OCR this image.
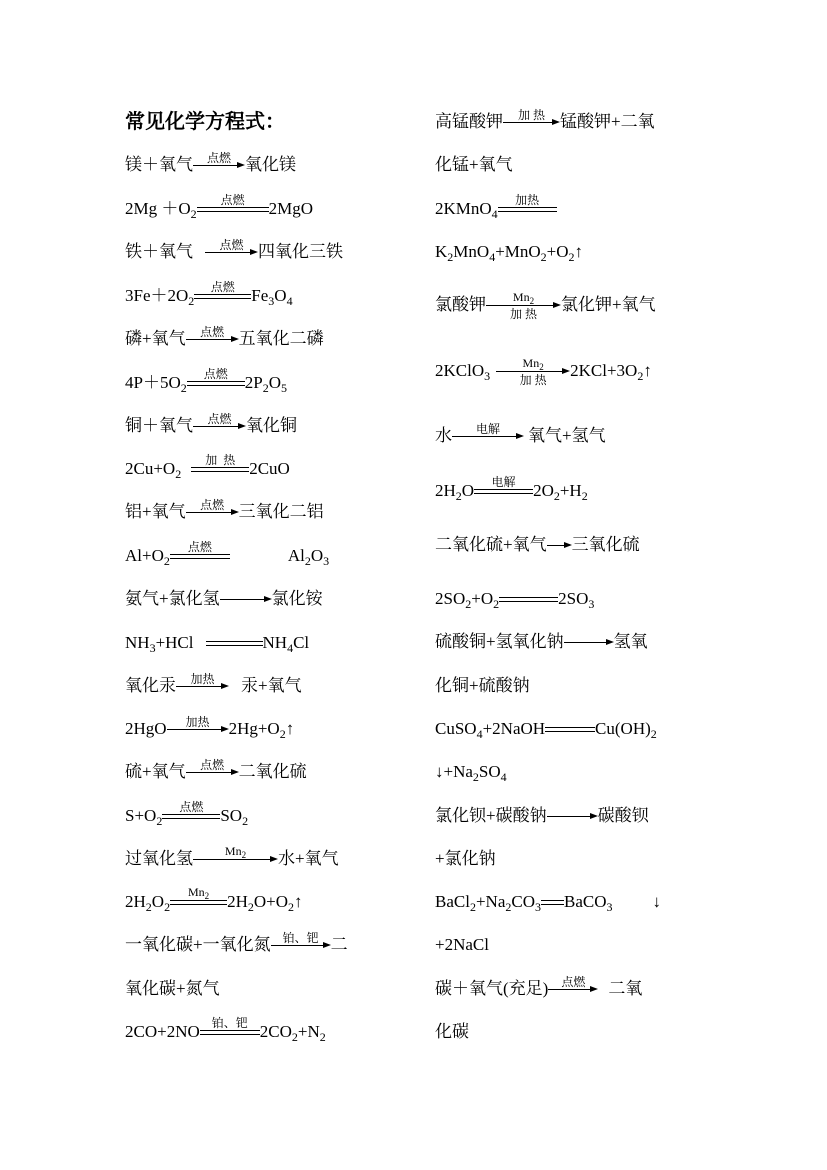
常见化学方程式：
镁＋氧气	点燃 氧化镁
2Mg ＋O 2
点燃	2MgO
铁＋氧气	点燃 四氧化三铁
3Fe＋2O 2
点燃 Fe 3 O 4
磷+氧气	点燃 五氧化二磷
4P＋5O 2
点燃	2P 2 O 5
铜＋氧气	点燃 氧化铜
2Cu+O 2
加  热 2CuO
铝+氧气	点燃 三氧化二铝
Al+O 2
点燃	Al 2 O 3
氨气+氯化氢	氯化铵
NH 3 +HCl	NH 4 Cl
氧化汞	加热	汞+氧气
2HgO	加热	2Hg+O 2 ↑
硫+氧气	点燃 二氧化硫
S+O 2
点燃	SO 2
过氧化氢	$Mn_2$	水+氧气
2H 2 O 2
$Mn_2$	2H 2 O+O 2 ↑
一氧化碳+一氧化氮 铂、钯 二
氧化碳+氮气
2CO+2NO 铂、钯 2CO 2 +N 2
高锰酸钾	加 热 锰酸钾+二氧
化锰+氧气
2KMnO 4
加热
K 2 MnO 4 +MnO 2 +O 2 ↑
氯酸钾	$Mn_2$
加 热	氯化钾+氧气
2KClO 3
$Mn_2$
加 热	2KCl+3O 2 ↑
水	电解	氧气+氢气
2H 2 O	电解	2O 2 +H 2
二氧化硫+氧气 三氧化硫
2SO 2 +O 2	2SO 3
硫酸铜+氢氧化钠	氢氧
化铜+硫酸钠
CuSO 4 +2NaOH	Cu(OH) 2
↓+Na 2 SO 4
氯化钡+碳酸钠	碳酸钡
+氯化钠
BaCl 2 +Na 2 CO 3 BaCO 3 ↓
+2NaCl
碳＋氧气(充足)	点燃	二氧
化碳
